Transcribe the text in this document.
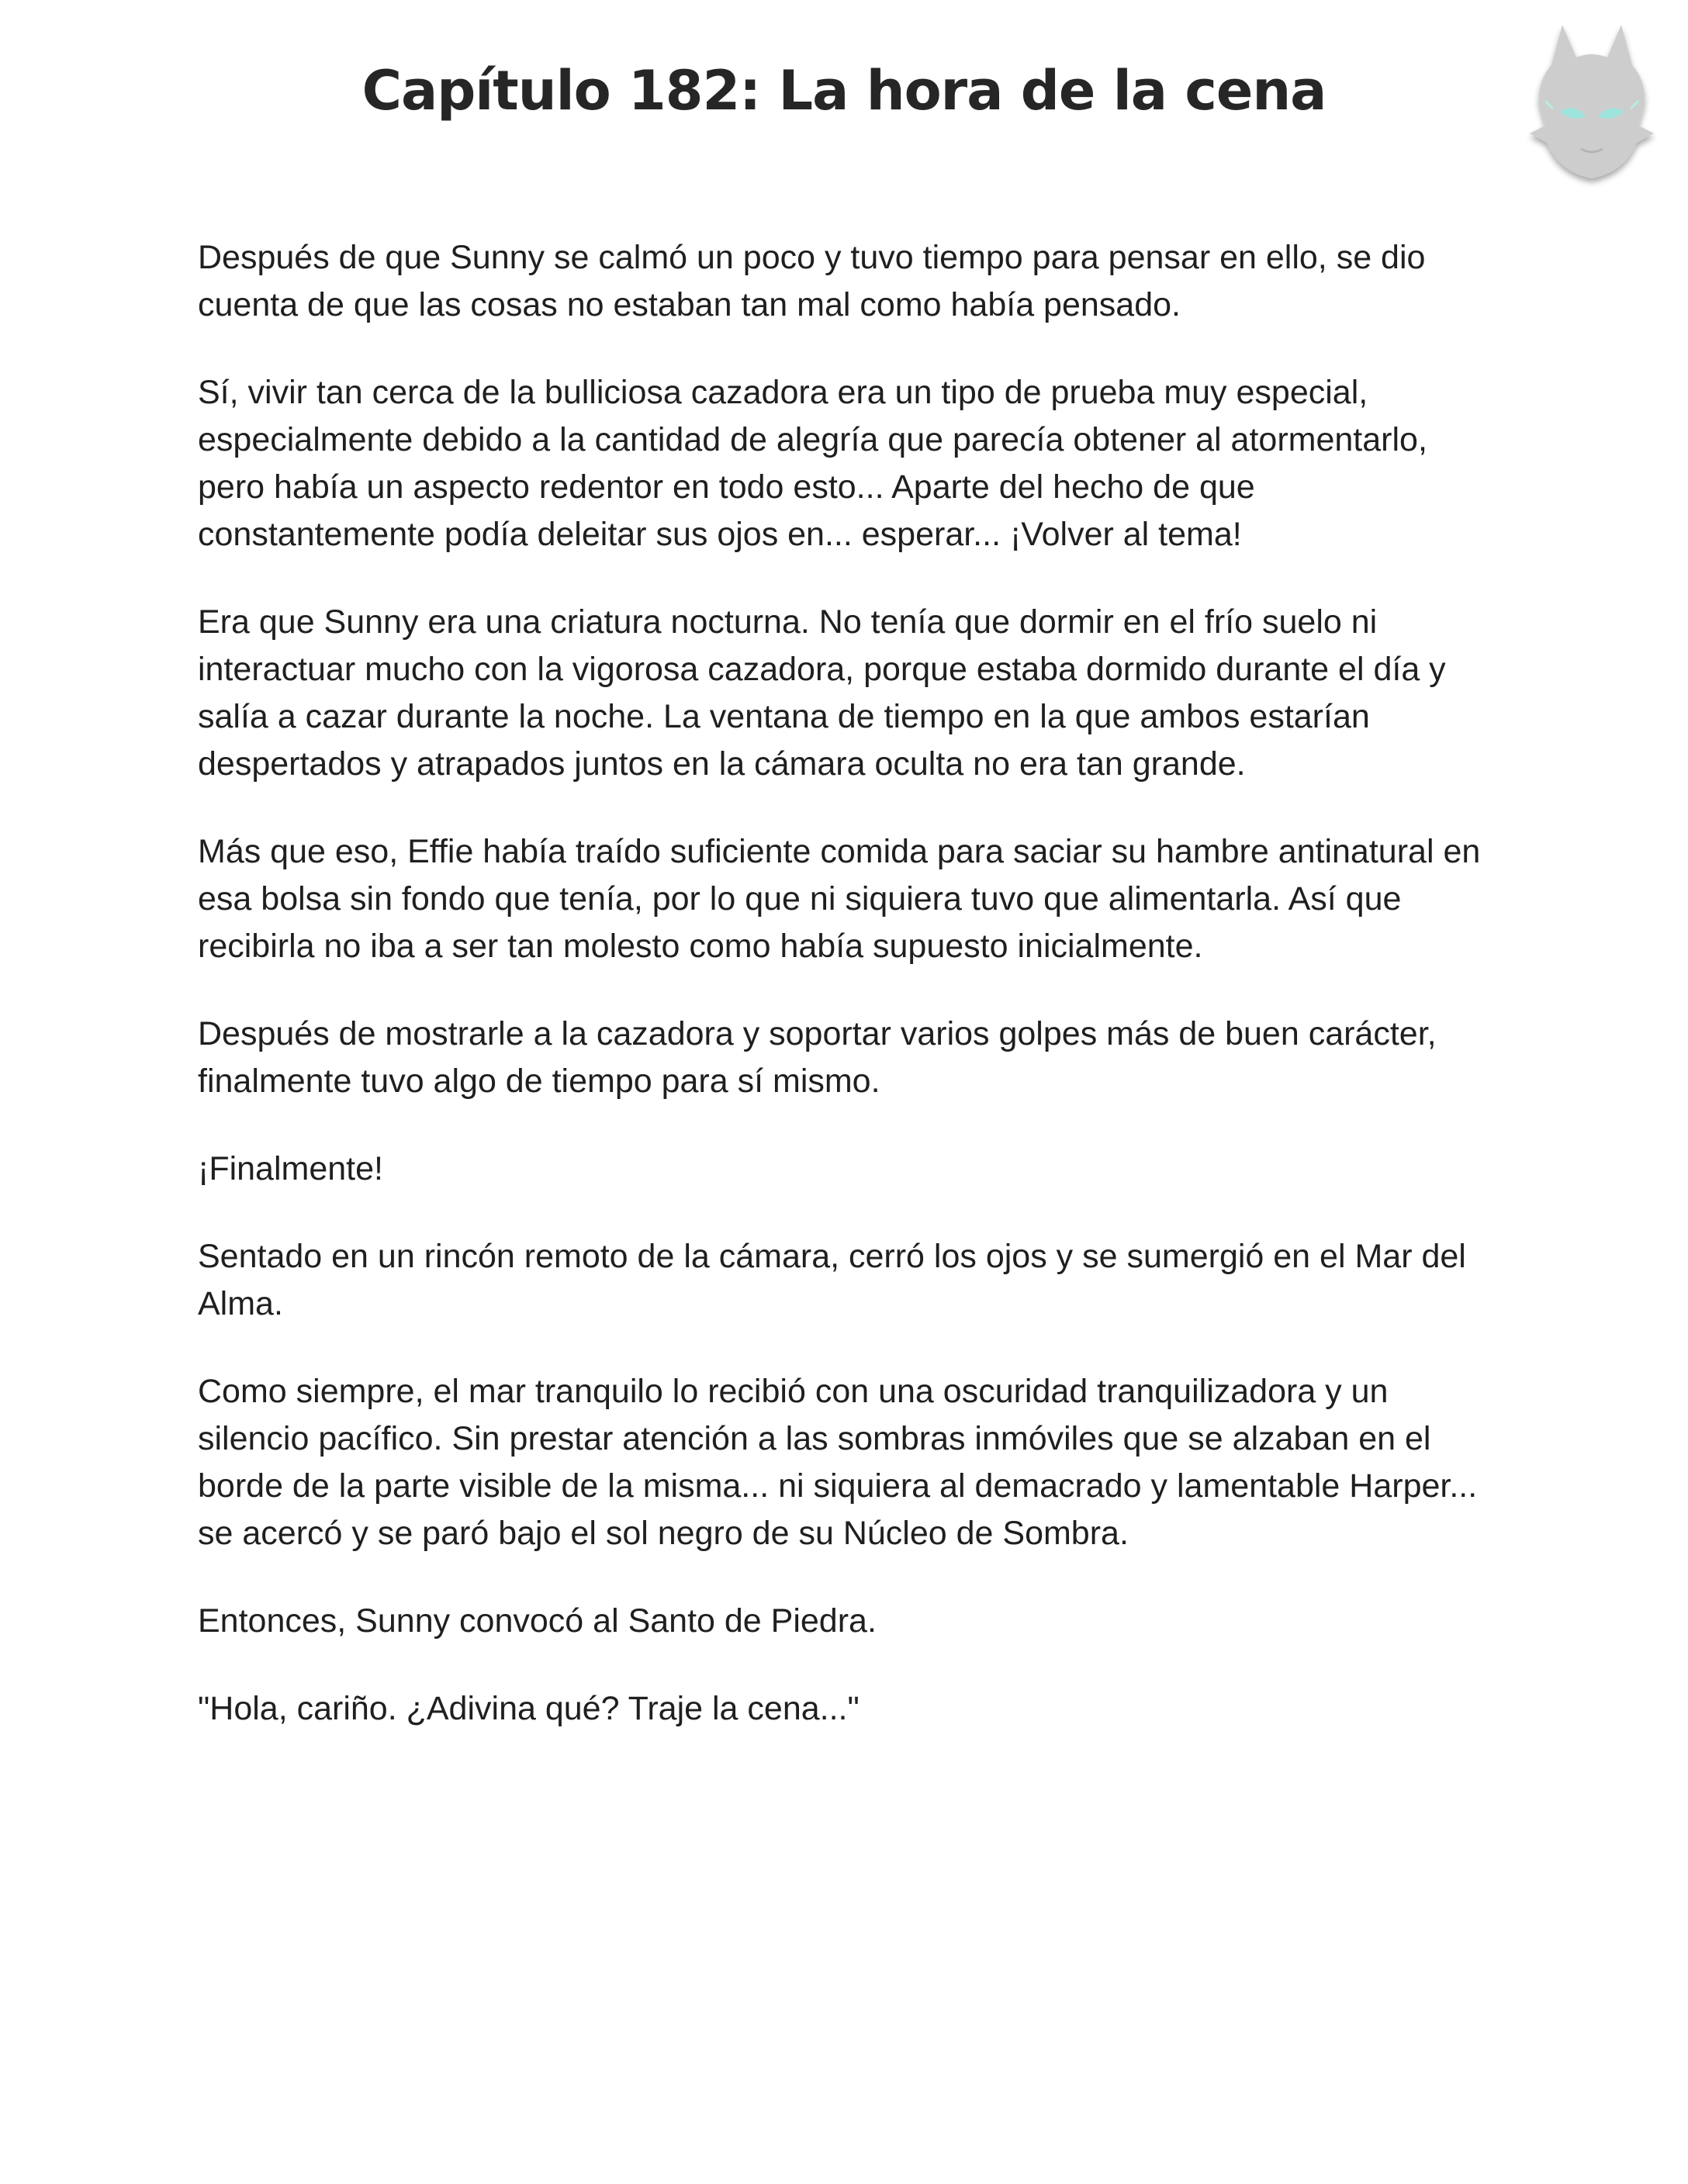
Capítulo 182: La hora de la cena

Después de que Sunny se calmó un poco y tuvo tiempo para pensar en ello, se dio cuenta de que las cosas no estaban tan mal como había pensado.

Sí, vivir tan cerca de la bulliciosa cazadora era un tipo de prueba muy especial, especialmente debido a la cantidad de alegría que parecía obtener al atormentarlo, pero había un aspecto redentor en todo esto... Aparte del hecho de que constantemente podía deleitar sus ojos en... esperar... ¡Volver al tema!

Era que Sunny era una criatura nocturna. No tenía que dormir en el frío suelo ni interactuar mucho con la vigorosa cazadora, porque estaba dormido durante el día y salía a cazar durante la noche. La ventana de tiempo en la que ambos estarían despertados y atrapados juntos en la cámara oculta no era tan grande.

Más que eso, Effie había traído suficiente comida para saciar su hambre antinatural en esa bolsa sin fondo que tenía, por lo que ni siquiera tuvo que alimentarla. Así que recibirla no iba a ser tan molesto como había supuesto inicialmente.

Después de mostrarle a la cazadora y soportar varios golpes más de buen carácter, finalmente tuvo algo de tiempo para sí mismo.

¡Finalmente!

Sentado en un rincón remoto de la cámara, cerró los ojos y se sumergió en el Mar del Alma.

Como siempre, el mar tranquilo lo recibió con una oscuridad tranquilizadora y un silencio pacífico. Sin prestar atención a las sombras inmóviles que se alzaban en el borde de la parte visible de la misma... ni siquiera al demacrado y lamentable Harper... se acercó y se paró bajo el sol negro de su Núcleo de Sombra.

Entonces, Sunny convocó al Santo de Piedra.

"Hola, cariño. ¿Adivina qué? Traje la cena..."
